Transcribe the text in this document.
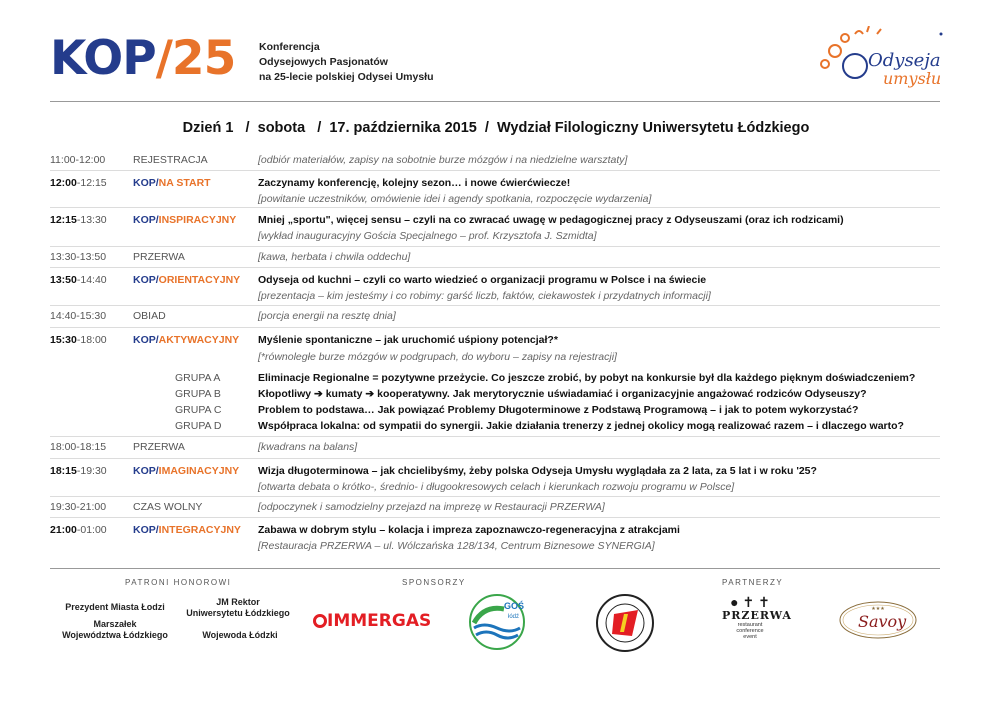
KOP/25 Konferencja
Odysejowych Pasjonatów
na 25-lecie polskiej Odysei Umysłu
Odyseja
umysłu
Dzień 1 / sobota / 17. października 2015 / Wydział Filologiczny Uniwersytetu Łódzkiego
11:00-12:00	REJESTRACJA	[odbiór materiałów, zapisy na sobotnie burze mózgów i na niedzielne warsztaty]
12:00-12:15	KOP/NA START	Zaczynamy konferencję, kolejny sezon… i nowe ćwierćwiecze!
[powitanie uczestników, omówienie idei i agendy spotkania, rozpoczęcie wydarzenia]
12:15-13:30	KOP/INSPIRACYJNY Mniej „sportu", więcej sensu – czyli na co zwracać uwagę w pedagogicznej pracy z Odyseuszami (oraz ich rodzicami)
[wykład inauguracyjny Gościa Specjalnego – prof. Krzysztofa J. Szmidta]
13:30-13:50	PRZERWA	[kawa, herbata i chwila oddechu]
13:50-14:40	KOP/ORIENTACYJNY Odyseja od kuchni – czyli co warto wiedzieć o organizacji programu w Polsce i na świecie
[prezentacja – kim jesteśmy i co robimy: garść liczb, faktów, ciekawostek i przydatnych informacji]
14:40-15:30	OBIAD	[porcja energii na resztę dnia]
15:30-18:00	KOP/AKTYWACYJNY Myślenie spontaniczne – jak uruchomić uśpiony potencjał?*
[*równoległe burze mózgów w podgrupach, do wyboru – zapisy na rejestracji]
GRUPA A	Eliminacje Regionalne = pozytywne przeżycie. Co jeszcze zrobić, by pobyt na konkursie był dla każdego pięknym doświadczeniem?
GRUPA B	Kłopotliwy ➔ kumaty ➔ kooperatywny. Jak merytorycznie uświadamiać i organizacyjnie angażować rodziców Odyseuszy?
GRUPA C	Problem to podstawa… Jak powiązać Problemy Długoterminowe z Podstawą Programową – i jak to potem wykorzystać?
GRUPA D	Współpraca lokalna: od sympatii do synergii. Jakie działania trenerzy z jednej okolicy mogą realizować razem – i dlaczego warto?
18:00-18:15	PRZERWA	[kwadrans na balans]
18:15-19:30	KOP/IMAGINACYJNY Wizja długoterminowa – jak chcielibyśmy, żeby polska Odyseja Umysłu wyglądała za 2 lata, za 5 lat i w roku '25?
[otwarta debata o krótko-, średnio- i długookresowych celach i kierunkach rozwoju programu w Polsce]
19:30-21:00	CZAS WOLNY	[odpoczynek i samodzielny przejazd na imprezę w Restauracji PRZERWA]
21:00-01:00	KOP/INTEGRACYJNY Zabawa w dobrym stylu – kolacja i impreza zapoznawczo-regeneracyjna z atrakcjami
[Restauracja PRZERWA – ul. Wólczańska 128/134, Centrum Biznesowe SYNERGIA]
PATRONI HONOROWI	SPONSORZY	PARTNERZY
Prezydent Miasta Łodzi	JM Rektor
Uniwersytetu Łódzkiego
Marszałek
Województwa Łódzkiego	Wojewoda Łódzki
IMMERGAS
GOŚ
łódź
● ✝ ✝
PRZERWA
restaurant
conference
event
Savoy
★★★
